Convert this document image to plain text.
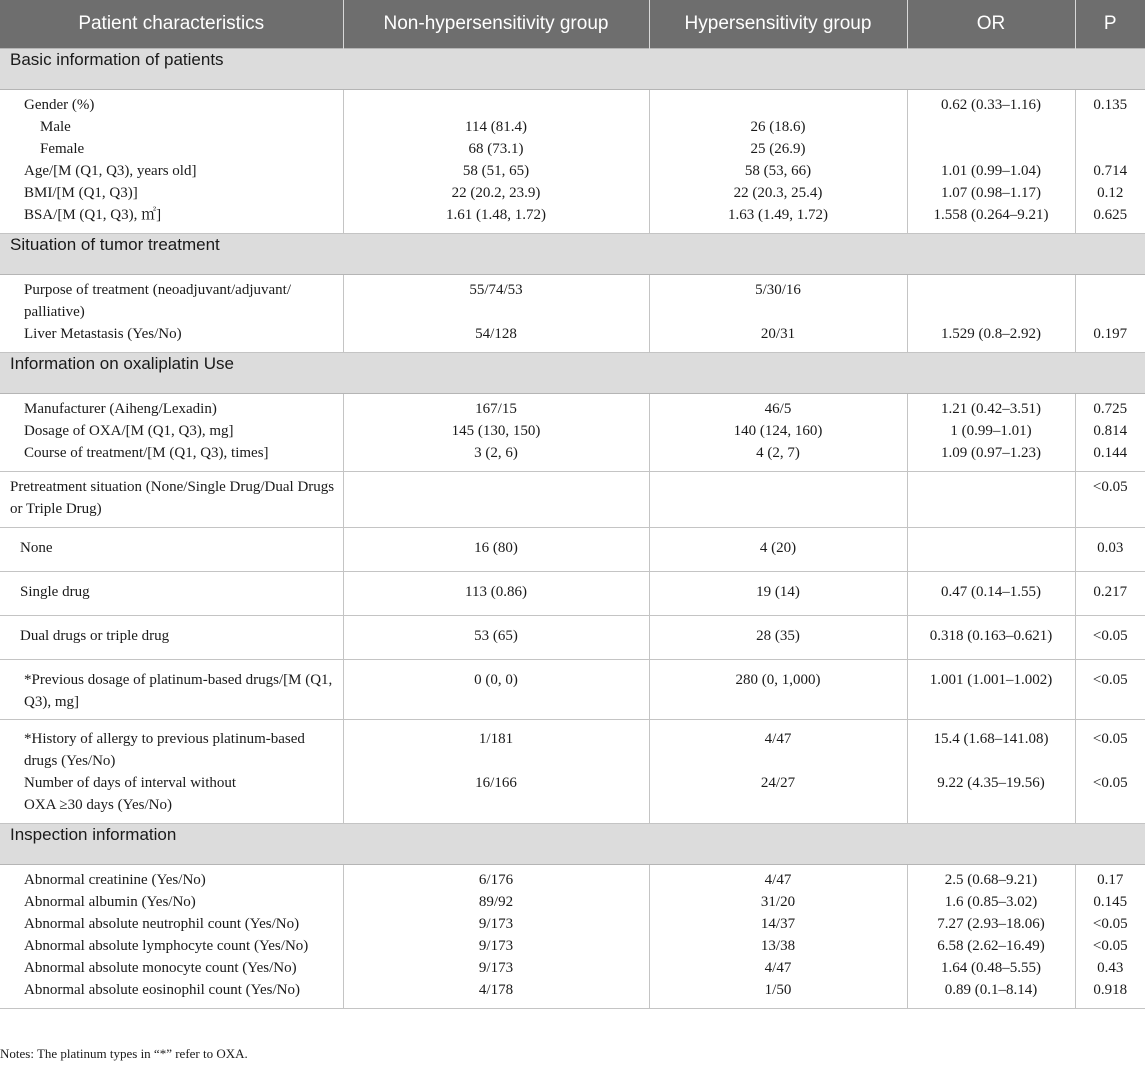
Patient characteristics	Non-hypersensitivity group	Hypersensitivity group	OR	P
Basic information of patients				
Gender (%)			0.62 (0.33–1.16)	0.135
Male	114 (81.4)	26 (18.6)		
Female	68 (73.1)	25 (26.9)		
Age/[M (Q1, Q3), years old]	58 (51, 65)	58 (53, 66)	1.01 (0.99–1.04)	0.714
BMI/[M (Q1, Q3)]	22 (20.2, 23.9)	22 (20.3, 25.4)	1.07 (0.98–1.17)	0.12
BSA/[M (Q1, Q3), ㎡]	1.61 (1.48, 1.72)	1.63 (1.49, 1.72)	1.558 (0.264–9.21)	0.625
Situation of tumor treatment				
Purpose of treatment (neoadjuvant/adjuvant/ palliative)	55/74/53	5/30/16		
Liver Metastasis (Yes/No)	54/128	20/31	1.529 (0.8–2.92)	0.197
Information on oxaliplatin Use				
Manufacturer (Aiheng/Lexadin)	167/15	46/5	1.21 (0.42–3.51)	0.725
Dosage of OXA/[M (Q1, Q3), mg]	145 (130, 150)	140 (124, 160)	1 (0.99–1.01)	0.814
Course of treatment/[M (Q1, Q3), times]	3 (2, 6)	4 (2, 7)	1.09 (0.97–1.23)	0.144
Pretreatment situation (None/Single Drug/Dual Drugs or Triple Drug)				<0.05
None	16 (80)	4 (20)		0.03
Single drug	113 (0.86)	19 (14)	0.47 (0.14–1.55)	0.217
Dual drugs or triple drug	53 (65)	28 (35)	0.318 (0.163–0.621)	<0.05
*Previous dosage of platinum-based drugs/[M (Q1, Q3), mg]	0 (0, 0)	280 (0, 1,000)	1.001 (1.001–1.002)	<0.05
*History of allergy to previous platinum-based drugs (Yes/No)	1/181	4/47	15.4 (1.68–141.08)	<0.05
Number of days of interval without OXA ≥30 days (Yes/No)	16/166	24/27	9.22 (4.35–19.56)	<0.05
Inspection information				
Abnormal creatinine (Yes/No)	6/176	4/47	2.5 (0.68–9.21)	0.17
Abnormal albumin (Yes/No)	89/92	31/20	1.6 (0.85–3.02)	0.145
Abnormal absolute neutrophil count (Yes/No)	9/173	14/37	7.27 (2.93–18.06)	<0.05
Abnormal absolute lymphocyte count (Yes/No)	9/173	13/38	6.58 (2.62–16.49)	<0.05
Abnormal absolute monocyte count (Yes/No)	9/173	4/47	1.64 (0.48–5.55)	0.43
Abnormal absolute eosinophil count (Yes/No)	4/178	1/50	0.89 (0.1–8.14)	0.918
Notes: The platinum types in “*” refer to OXA.
